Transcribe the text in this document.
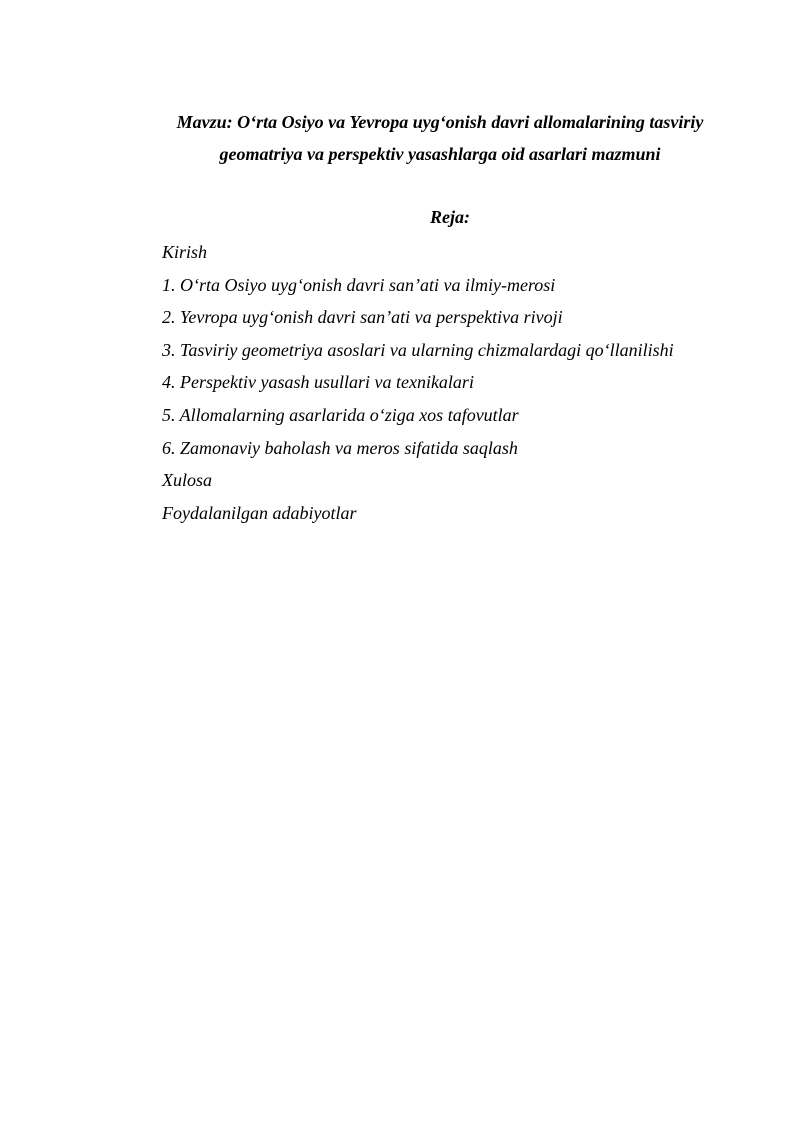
Mavzu: O‘rta Osiyo va Yevropa uyg‘onish davri allomalarining tasviriy
geomatriya va perspektiv yasashlarga oid asarlari mazmuni
Reja:
Kirish
1. O‘rta Osiyo uyg‘onish davri san’ati va ilmiy-merosi
2. Yevropa uyg‘onish davri san’ati va perspektiva rivoji
3. Tasviriy geometriya asoslari va ularning chizmalardagi qo‘llanilishi
4. Perspektiv yasash usullari va texnikalari
5. Allomalarning asarlarida o‘ziga xos tafovutlar
6. Zamonaviy baholash va meros sifatida saqlash
Xulosa
Foydalanilgan adabiyotlar
